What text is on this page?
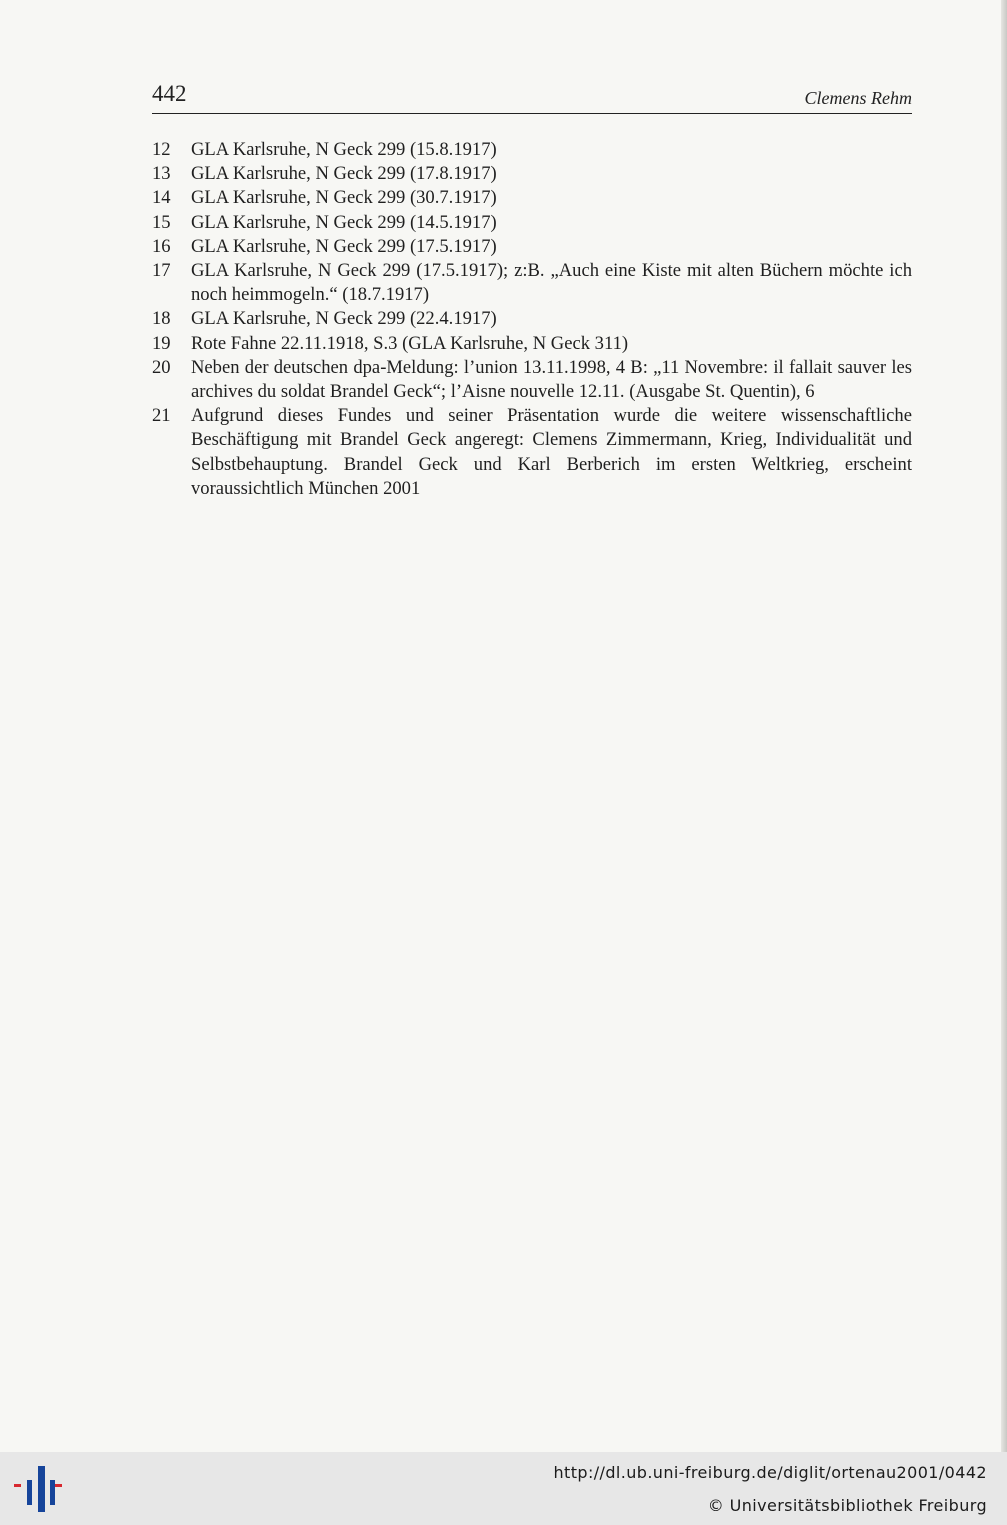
442	Clemens Rehm
12	GLA Karlsruhe, N Geck 299 (15.8.1917)
13	GLA Karlsruhe, N Geck 299 (17.8.1917)
14	GLA Karlsruhe, N Geck 299 (30.7.1917)
15	GLA Karlsruhe, N Geck 299 (14.5.1917)
16	GLA Karlsruhe, N Geck 299 (17.5.1917)
17	GLA Karlsruhe, N Geck 299 (17.5.1917); z:B. „Auch eine Kiste mit alten Büchern möchte ich noch heimmogeln.“ (18.7.1917)
18	GLA Karlsruhe, N Geck 299 (22.4.1917)
19	Rote Fahne 22.11.1918, S.3 (GLA Karlsruhe, N Geck 311)
20	Neben der deutschen dpa-Meldung: l’union 13.11.1998, 4 B: „11 Novembre: il fallait sauver les archives du soldat Brandel Geck“; l’Aisne nouvelle 12.11. (Ausgabe St. Quentin), 6
21	Aufgrund dieses Fundes und seiner Präsentation wurde die weitere wissenschaftliche Beschäftigung mit Brandel Geck angeregt: Clemens Zimmermann, Krieg, Individualität und Selbstbehauptung. Brandel Geck und Karl Berberich im ersten Weltkrieg, erscheint voraussichtlich München 2001
http://dl.ub.uni-freiburg.de/diglit/ortenau2001/0442
© Universitätsbibliothek Freiburg
